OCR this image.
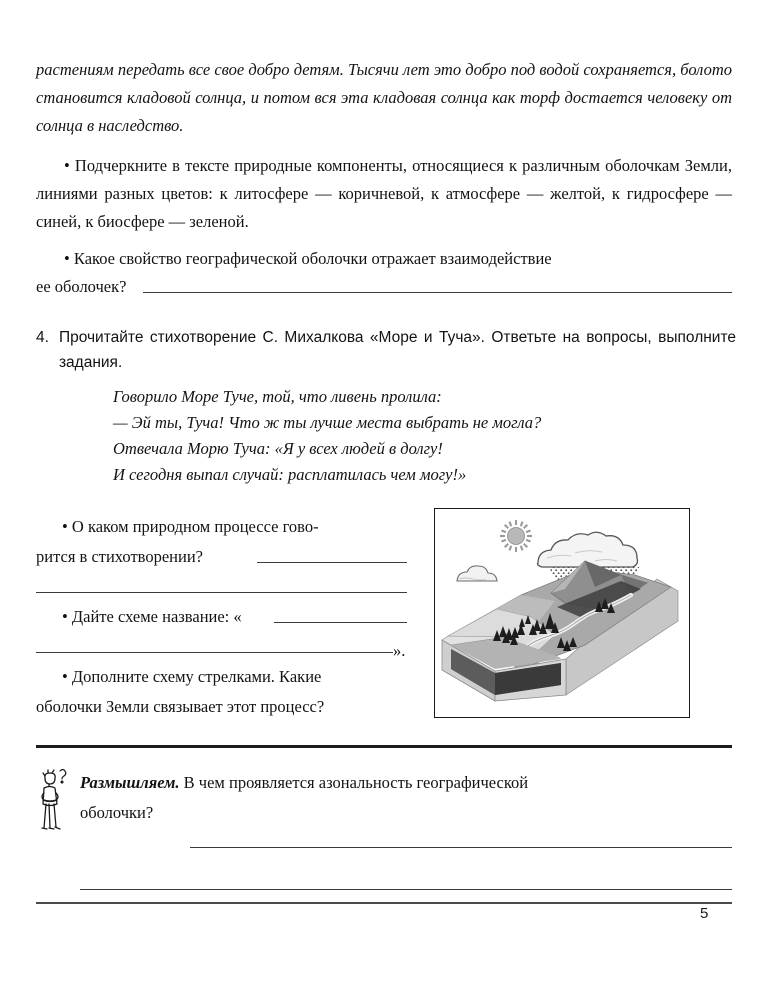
растениям передать все свое добро детям. Тысячи лет это добро под водой сохраняется, болото становится кладовой солнца, и потом вся эта кладовая солнца как торф достается человеку от солнца в наследство.

• Подчеркните в тексте природные компоненты, относящиеся к различным оболочкам Земли, линиями разных цветов: к литосфере — коричневой, к атмосфере — желтой, к гидросфере — синей, к биосфере — зеленой.

• Какое свойство географической оболочки отражает взаимодействие

ее оболочек?
4. Прочитайте стихотворение С. Михалкова «Море и Туча». Ответьте на вопросы, выполните задания.

Говорило Море Туче, той, что ливень пролила:

— Эй ты, Туча! Что ж ты лучше места выбрать не могла?

Отвечала Морю Туча: «Я у всех людей в долгу!

И сегодня выпал случай: расплатилась чем могу!»

• О каком природном процессе гово-

рится в стихотворении?

• Дайте схеме название: «

• Дополните схему стрелками. Какие

оболочки Земли связывает этот процесс?

».

Размышляем. В чем проявляется азональность географической

оболочки?

5
